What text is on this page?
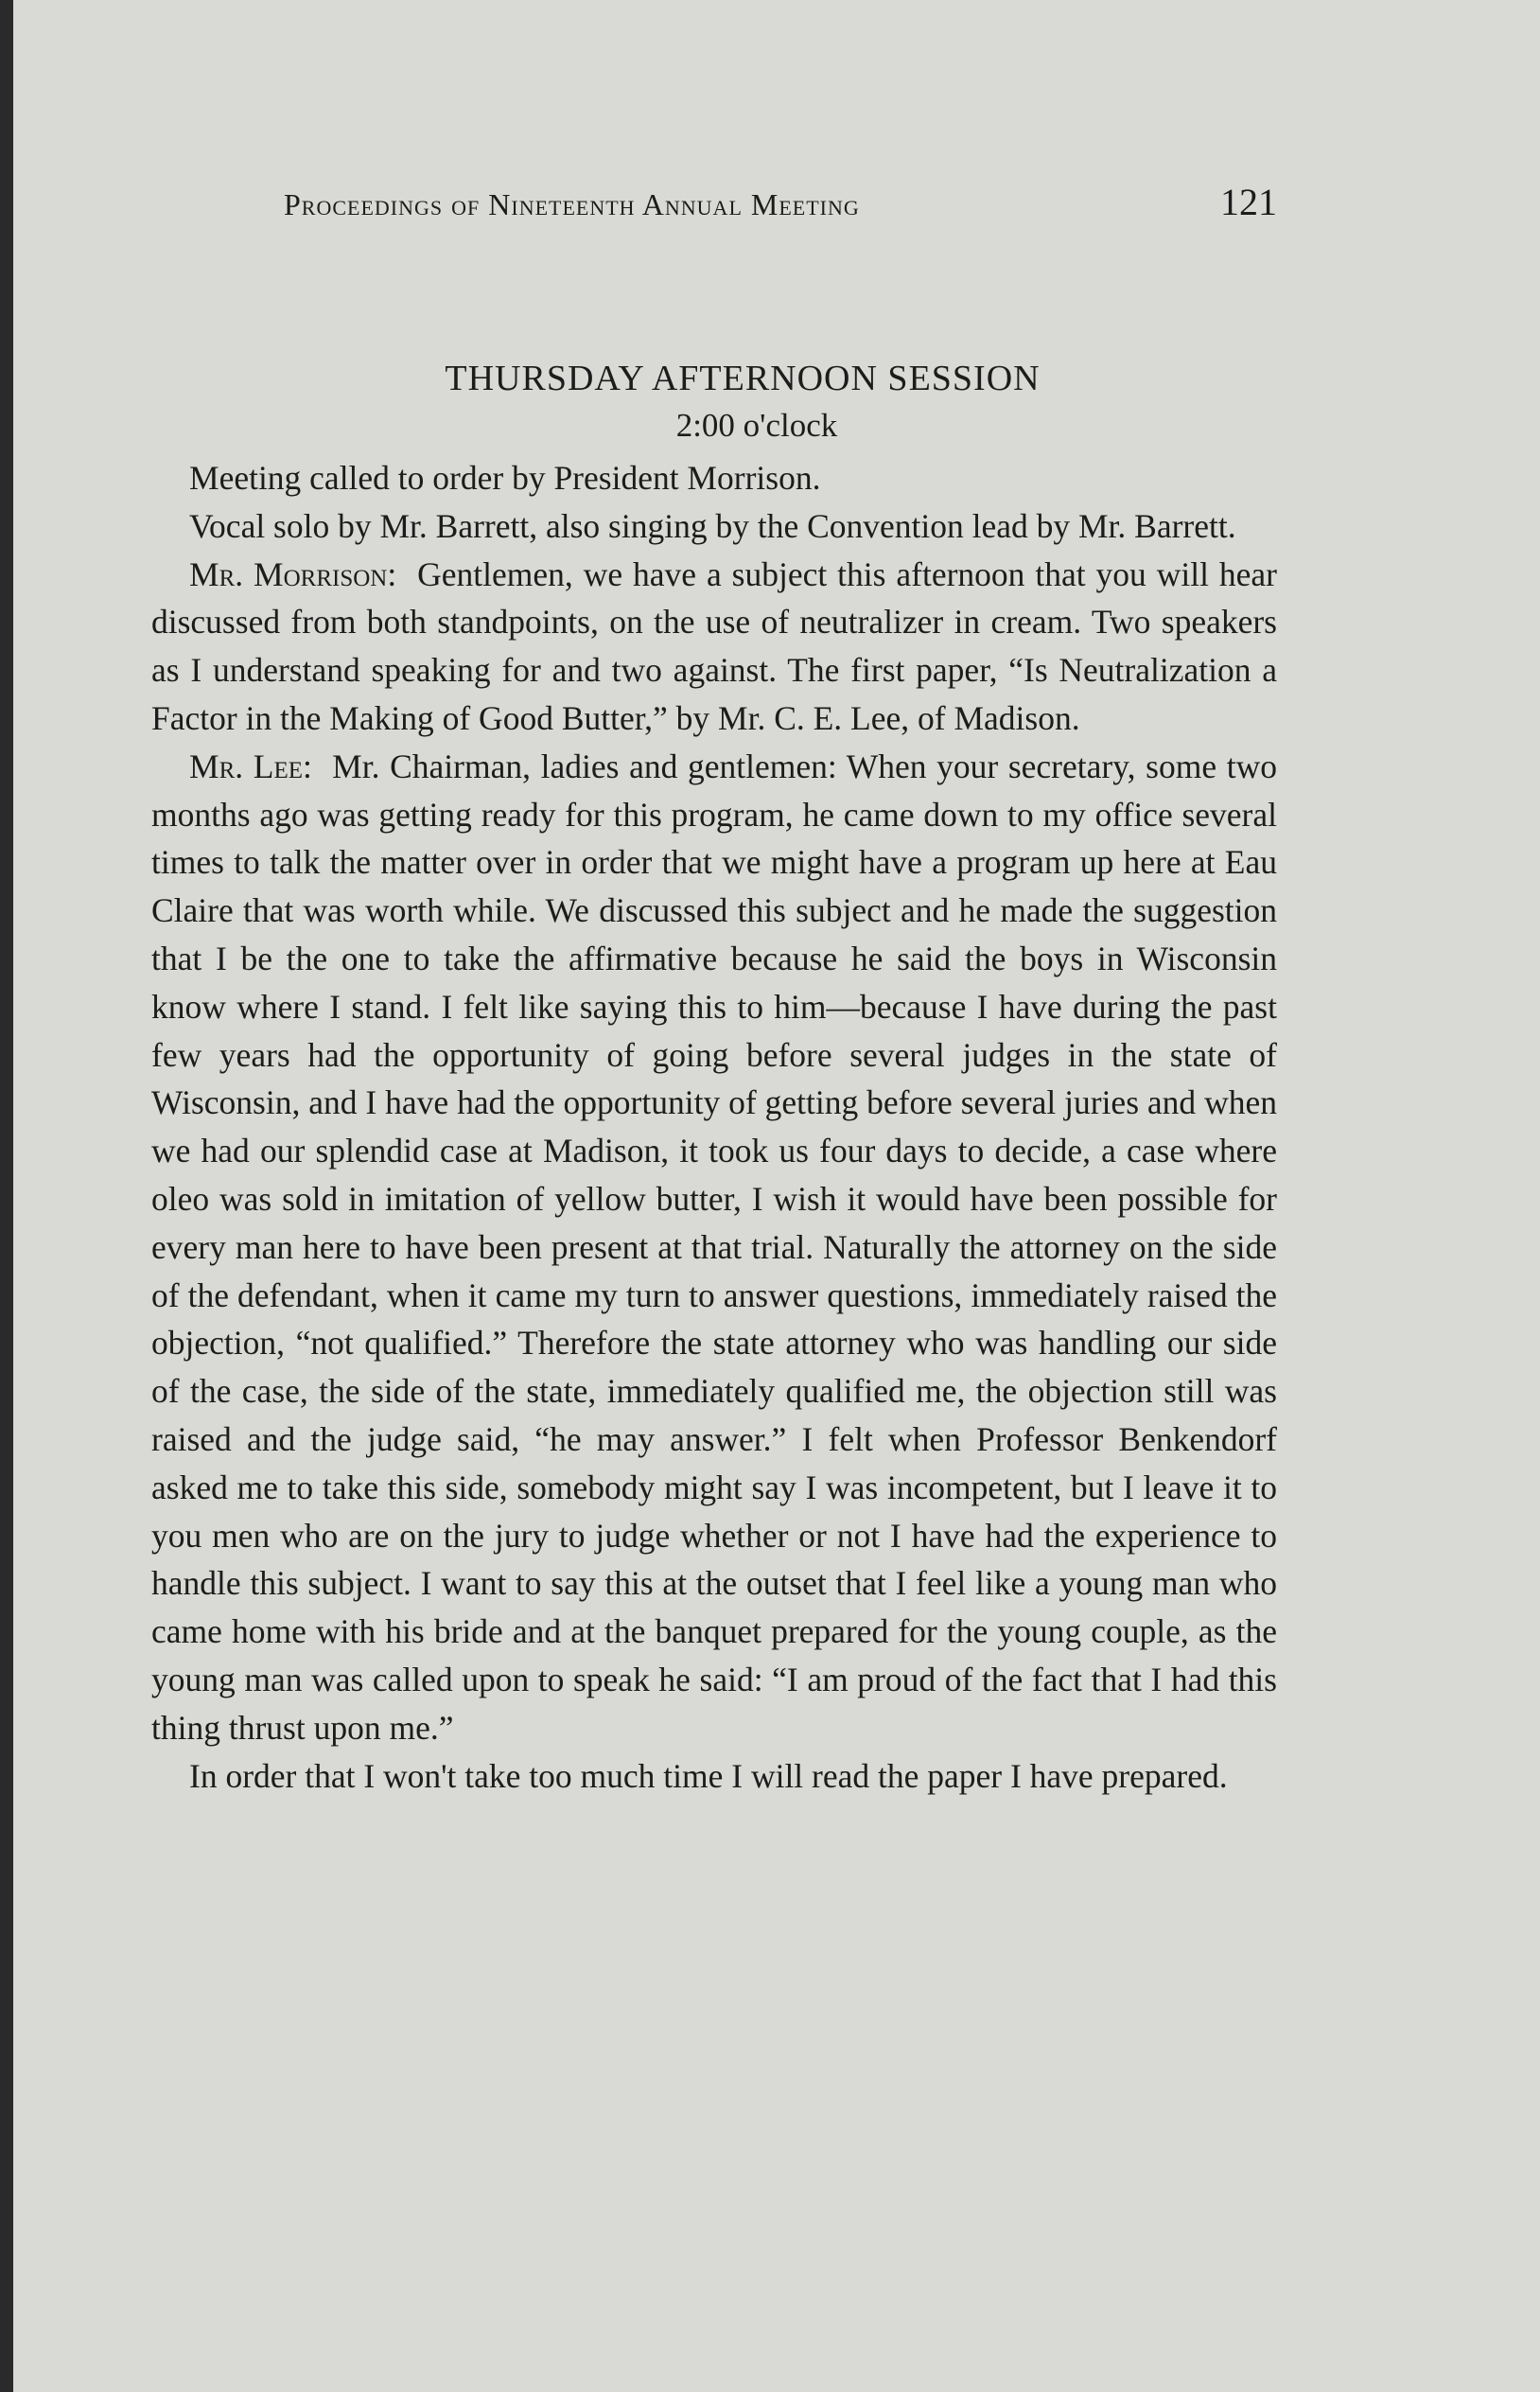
Proceedings of Nineteenth Annual Meeting	121
THURSDAY AFTERNOON SESSION
2:00 o'clock

Meeting called to order by President Morrison.

Vocal solo by Mr. Barrett, also singing by the Convention lead by Mr. Barrett.

Mr. Morrison: Gentlemen, we have a subject this afternoon that you will hear discussed from both standpoints, on the use of neutralizer in cream. Two speakers as I understand speaking for and two against. The first paper, “Is Neutralization a Factor in the Making of Good Butter,” by Mr. C. E. Lee, of Madison.

Mr. Lee: Mr. Chairman, ladies and gentlemen: When your secretary, some two months ago was getting ready for this program, he came down to my office several times to talk the matter over in order that we might have a program up here at Eau Claire that was worth while. We discussed this subject and he made the suggestion that I be the one to take the affirmative because he said the boys in Wisconsin know where I stand. I felt like saying this to him—because I have during the past few years had the opportunity of going before several judges in the state of Wisconsin, and I have had the opportunity of getting before several juries and when we had our splendid case at Madison, it took us four days to decide, a case where oleo was sold in imitation of yellow butter, I wish it would have been possible for every man here to have been present at that trial. Naturally the attorney on the side of the defendant, when it came my turn to answer questions, immediately raised the objection, “not qualified.” Therefore the state attorney who was handling our side of the case, the side of the state, immediately qualified me, the objection still was raised and the judge said, “he may answer.” I felt when Professor Benkendorf asked me to take this side, somebody might say I was incompetent, but I leave it to you men who are on the jury to judge whether or not I have had the experience to handle this subject. I want to say this at the outset that I feel like a young man who came home with his bride and at the banquet prepared for the young couple, as the young man was called upon to speak he said: “I am proud of the fact that I had this thing thrust upon me.”

In order that I won't take too much time I will read the paper I have prepared.
